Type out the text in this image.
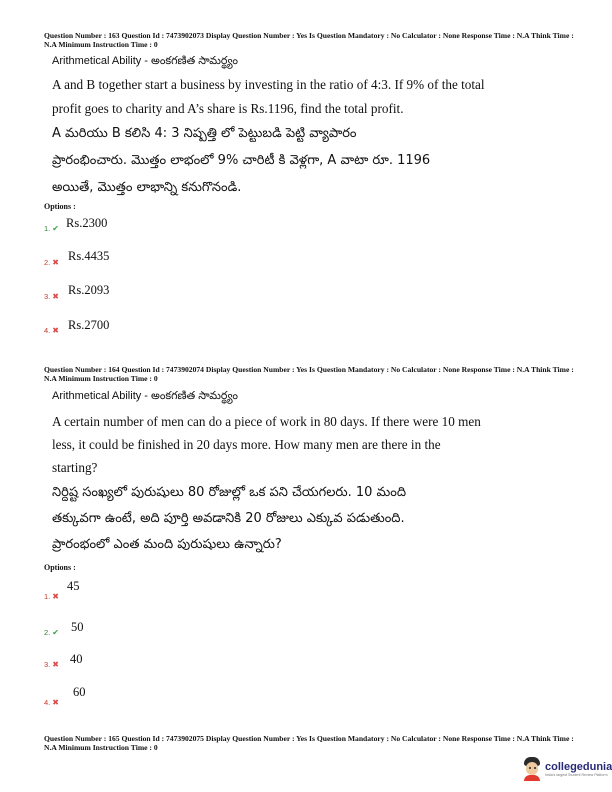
Question Number : 163 Question Id : 7473902073 Display Question Number : Yes Is Question Mandatory : No Calculator : None Response Time : N.A Think Time : N.A Minimum Instruction Time : 0
Arithmetical Ability - అంకగణిత సామర్థ్యం
A and B together start a business by investing in the ratio of 4:3. If 9% of the total
profit goes to charity and A’s share is Rs.1196, find the total profit.
A మరియు B కలిసి 4: 3 నిష్పత్తి లో పెట్టుబడి పెట్టి వ్యాపారం
ప్రారంభించారు. మొత్తం లాభంలో 9% చారిటీ కి వెళ్లగా, A వాటా రూ. 1196
అయితే, మొత్తం లాభాన్ని కనుగొనండి.
Options :
1. ✔ Rs.2300
2. ✖ Rs.4435
3. ✖ Rs.2093
4. ✖ Rs.2700
Question Number : 164 Question Id : 7473902074 Display Question Number : Yes Is Question Mandatory : No Calculator : None Response Time : N.A Think Time : N.A Minimum Instruction Time : 0
Arithmetical Ability - అంకగణిత సామర్థ్యం
A certain number of men can do a piece of work in 80 days. If there were 10 men
less, it could be finished in 20 days more. How many men are there in the
starting?
నిర్దిష్ట సంఖ్యలో పురుషులు 80 రోజుల్లో ఒక పని చేయగలరు. 10 మంది
తక్కువగా ఉంటే, అది పూర్తి అవడానికి 20 రోజులు ఎక్కువ పడుతుంది.
ప్రారంభంలో ఎంత మంది పురుషులు ఉన్నారు?
Options :
1. ✖
45
2. ✔ 50
3. ✖ 40
4. ✖
60
Question Number : 165 Question Id : 7473902075 Display Question Number : Yes Is Question Mandatory : No Calculator : None Response Time : N.A Think Time : N.A Minimum Instruction Time : 0
collegedunia
India's largest Student Review Platform
